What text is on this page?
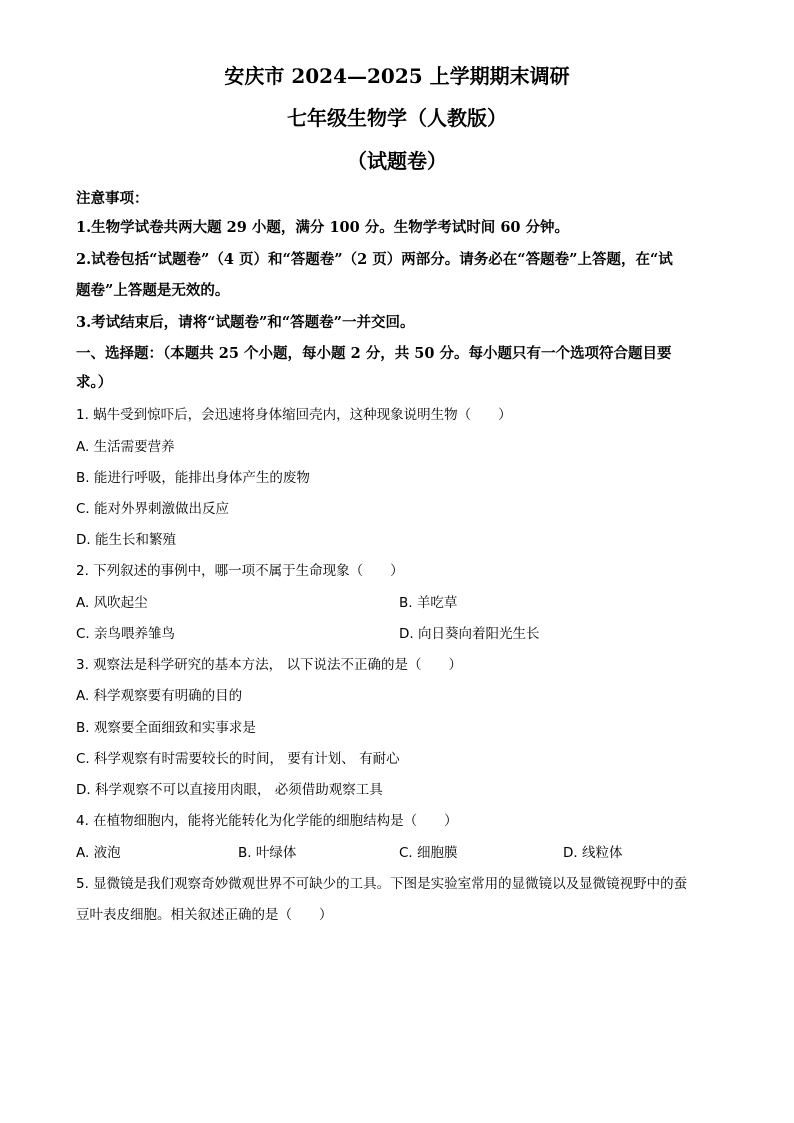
安庆市 2024—2025 上学期期末调研
七年级生物学（人教版）
（试题卷）
注意事项：
1.生物学试卷共两大题 29 小题，满分 100 分。生物学考试时间 60 分钟。
2.试卷包括“试题卷”（4 页）和“答题卷”（2 页）两部分。请务必在“答题卷”上答题，在“试
题卷”上答题是无效的。
3.考试结束后，请将“试题卷”和“答题卷”一并交回。
一、选择题：（本题共 25 个小题，每小题 2 分，共 50 分。每小题只有一个选项符合题目要
求。）
1. 蜗牛受到惊吓后，会迅速将身体缩回壳内，这种现象说明生物（　　）
A. 生活需要营养
B. 能进行呼吸，能排出身体产生的废物
C. 能对外界刺激做出反应
D. 能生长和繁殖
2. 下列叙述的事例中，哪一项不属于生命现象（　　）
A. 风吹起尘	B. 羊吃草
C. 亲鸟喂养雏鸟	D. 向日葵向着阳光生长
3. 观察法是科学研究的基本方法， 以下说法不正确的是（　　）
A. 科学观察要有明确的目的
B. 观察要全面细致和实事求是
C. 科学观察有时需要较长的时间， 要有计划、 有耐心
D. 科学观察不可以直接用肉眼， 必须借助观察工具
4. 在植物细胞内，能将光能转化为化学能的细胞结构是（　　）
A. 液泡	B. 叶绿体	C. 细胞膜	D. 线粒体
5. 显微镜是我们观察奇妙微观世界不可缺少的工具。下图是实验室常用的显微镜以及显微镜视野中的蚕
豆叶表皮细胞。相关叙述正确的是（　　）
